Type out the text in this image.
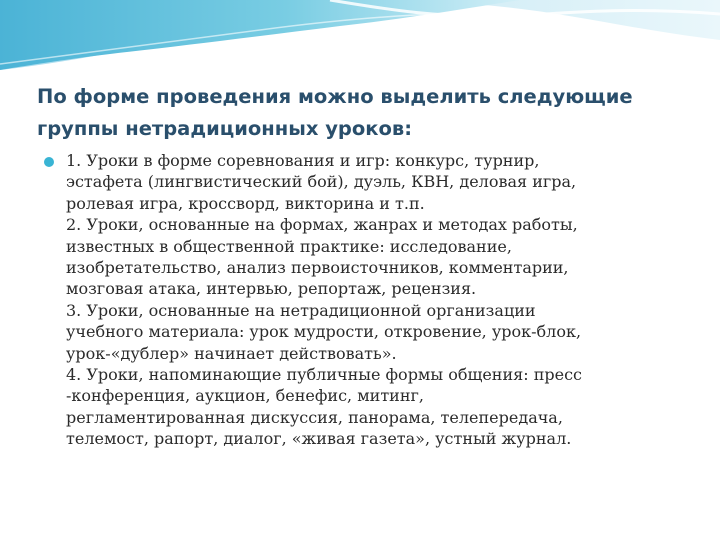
По форме проведения можно выделить следующие
группы нетрадиционных уроков:
1. Уроки в форме соревнования и игр: конкурс, турнир,
эстафета (лингвистический бой), дуэль, КВН, деловая игра,
ролевая игра, кроссворд, викторина и т.п.
2. Уроки, основанные на формах, жанрах и методах работы,
известных в общественной практике: исследование,
изобретательство, анализ первоисточников, комментарии,
мозговая атака, интервью, репортаж, рецензия.
3. Уроки, основанные на нетрадиционной организации
учебного материала: урок мудрости, откровение, урок-блок,
урок-«дублер» начинает действовать».
4. Уроки, напоминающие публичные формы общения: пресс
-конференция, аукцион, бенефис, митинг,
регламентированная дискуссия, панорама, телепередача,
телемост, рапорт, диалог, «живая газета», устный журнал.
